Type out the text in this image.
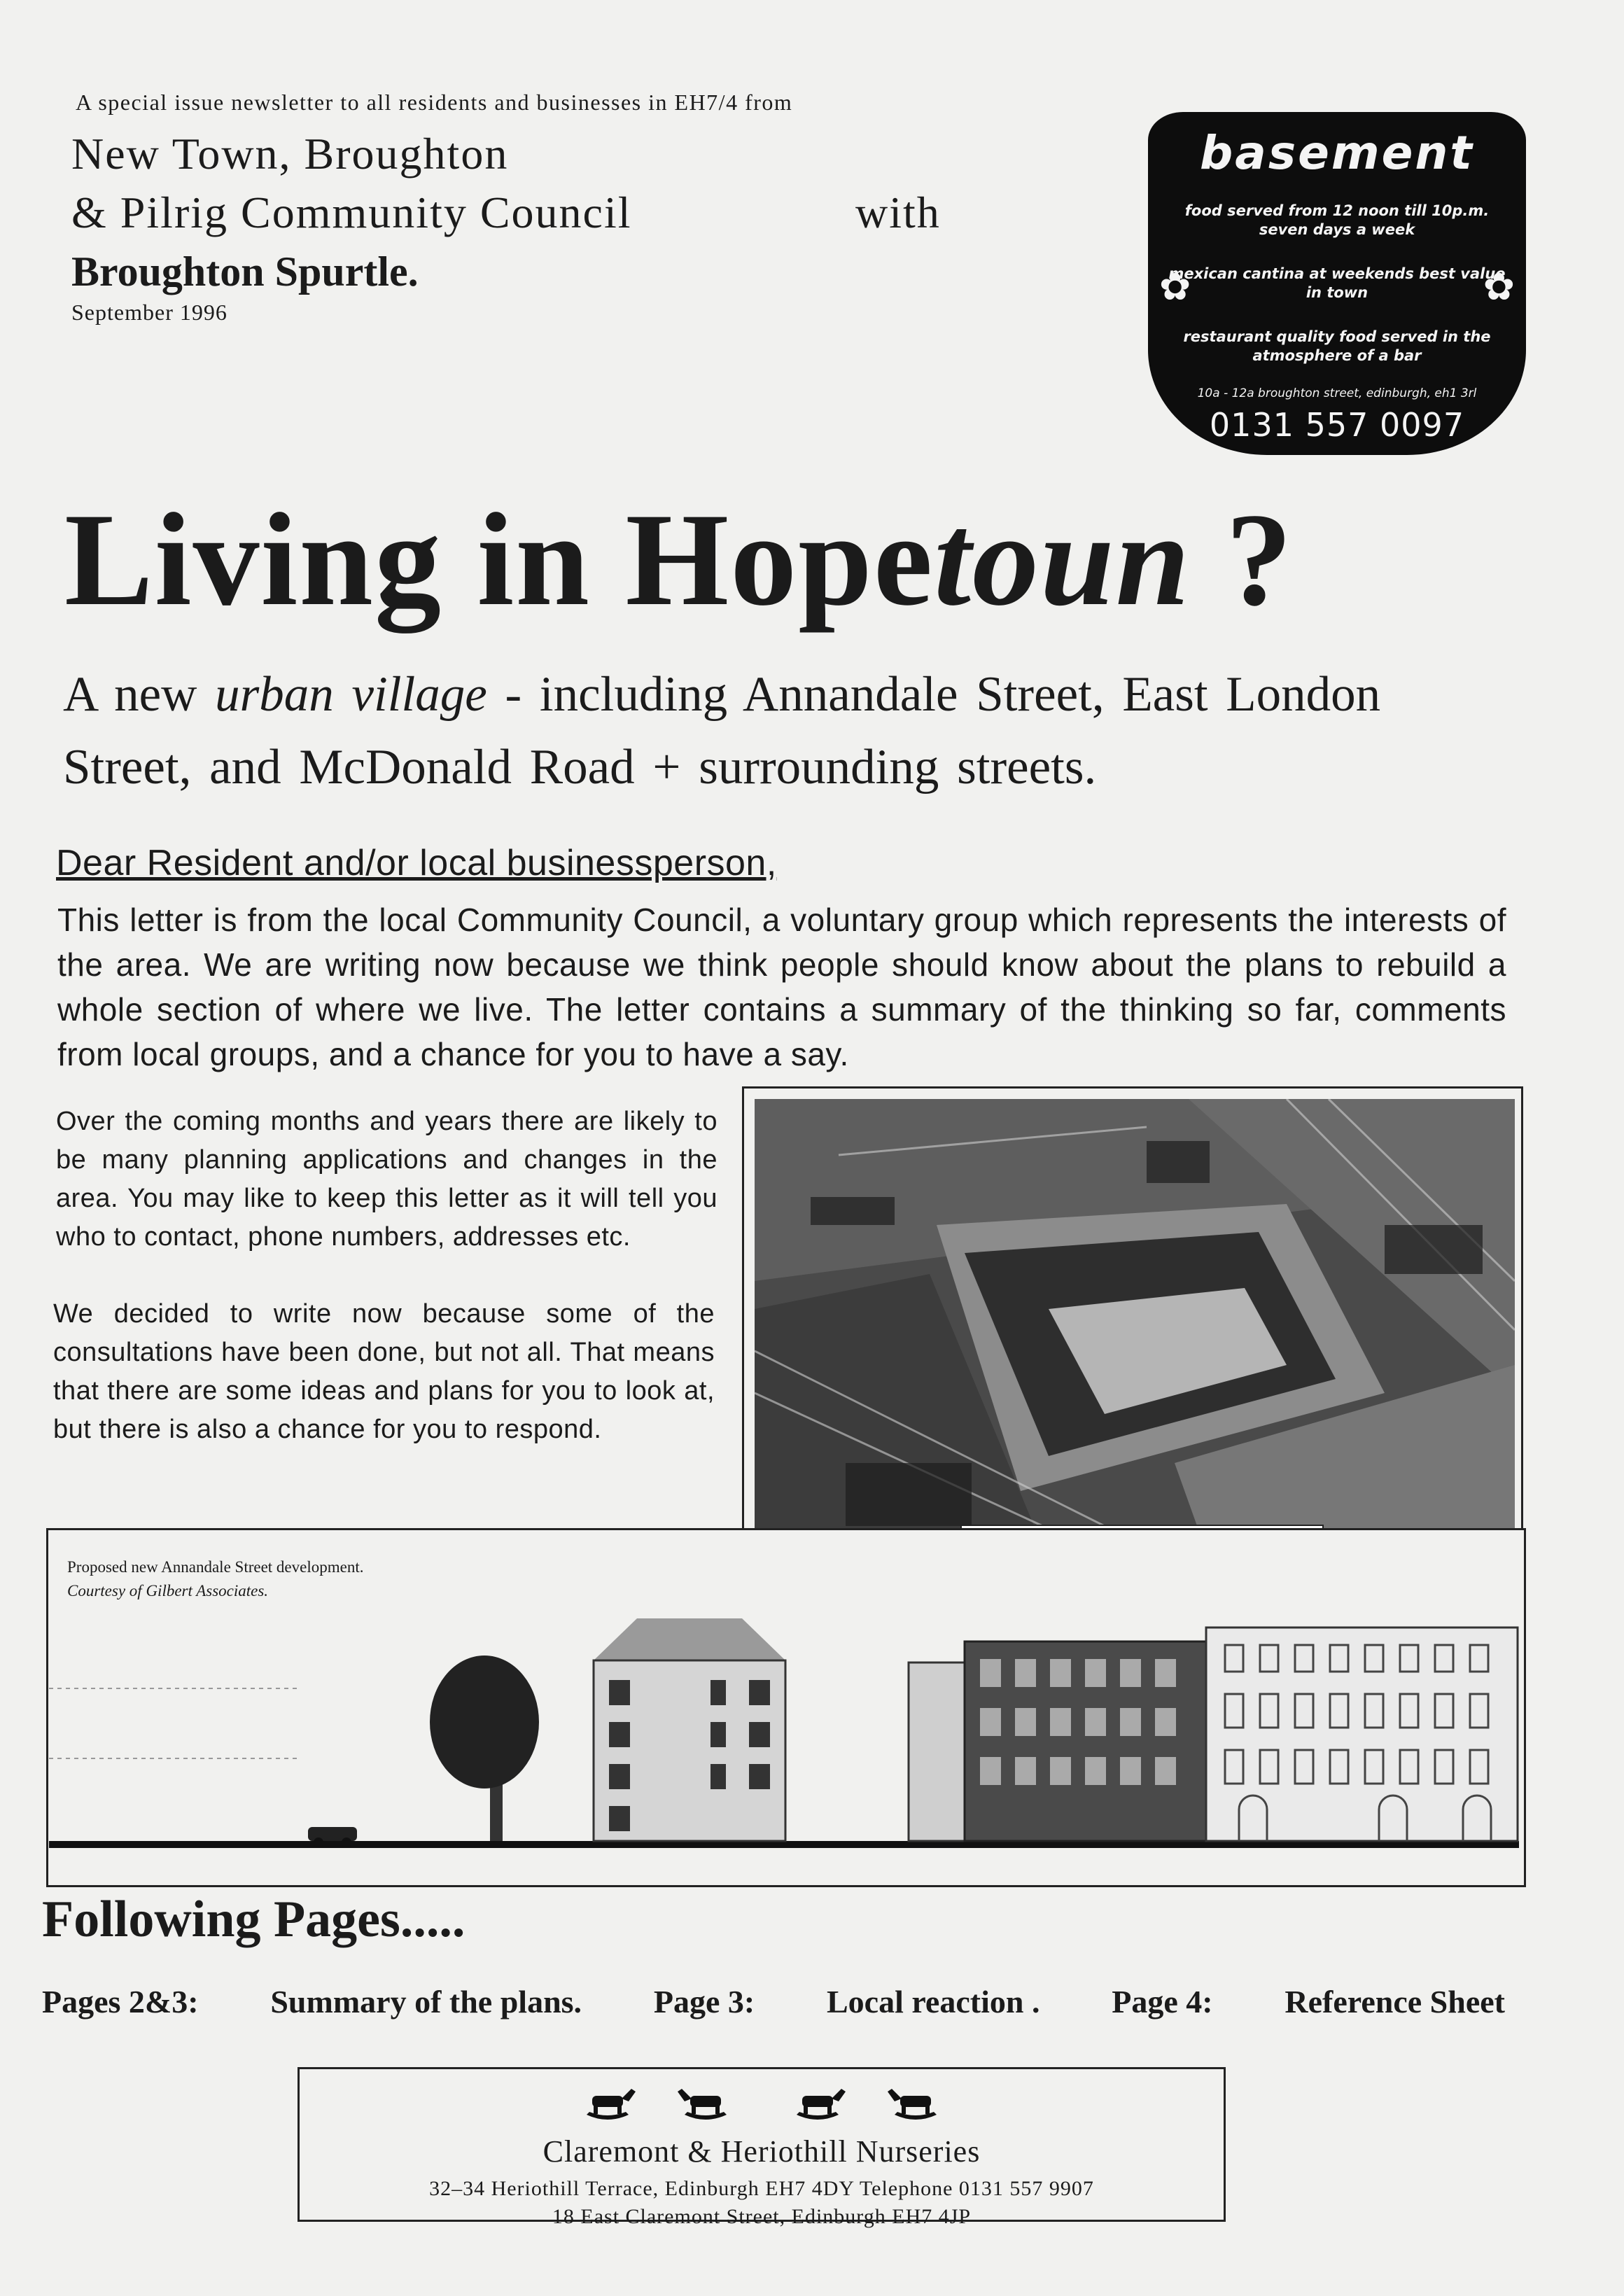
A special issue newsletter to all residents and businesses in EH7/4 from
New Town, Broughton
& Pilrig Community Council	with
Broughton Spurtle.
September 1996
basement
✿	✿
food served from 12 noon till 10p.m. seven days a week
mexican cantina at weekends best value in town
restaurant quality food served in the atmosphere of a bar
10a - 12a broughton street, edinburgh, eh1 3rl
0131 557 0097
Living in Hopetoun ?
A new urban village - including Annandale Street, East London Street, and McDonald Road + surrounding streets.
Dear Resident and/or local businessperson,
This letter is from the local Community Council, a voluntary group which represents the interests of the area. We are writing now because we think people should know about the plans to rebuild a whole section of where we live. The letter contains a summary of the thinking so far, comments from local groups, and a chance for you to have a say.
Over the coming months and years there are likely to be many planning applications and changes in the area. You may like to keep this letter as it will tell you who to contact, phone numbers, addresses etc.
We decided to write now because some of the consultations have been done, but not all. That means that there are some ideas and plans for you to look at, but there is also a chance for you to respond.
Proposed new Annandale Street development.
Courtesy of Gilbert Associates.
Following Pages.....
Pages 2&3: Summary of the plans. Page 3: Local reaction . Page 4: Reference Sheet
Claremont & Heriothill Nurseries
32–34 Heriothill Terrace, Edinburgh EH7 4DY Telephone 0131 557 9907
18 East Claremont Street, Edinburgh EH7 4JP
